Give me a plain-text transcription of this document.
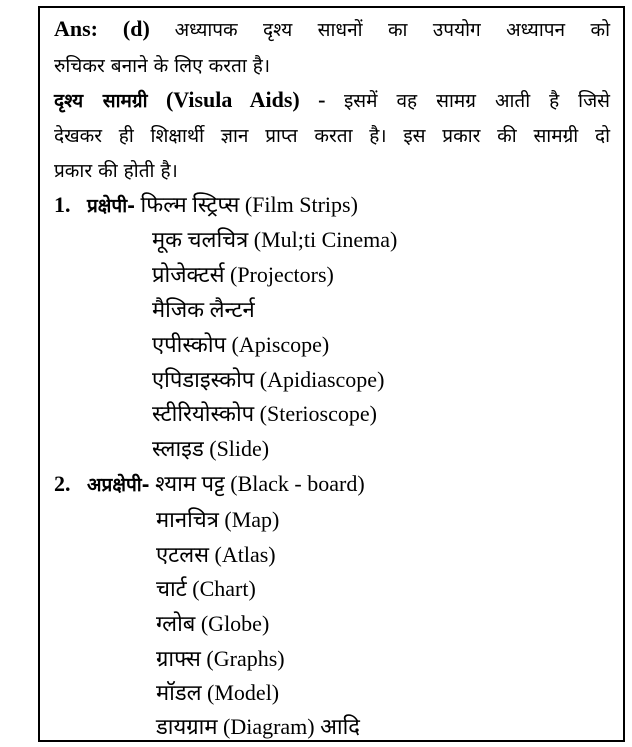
Ans: (d) अध्यापक दृश्य साधनों का उपयोग अध्यापन को
रुचिकर बनाने के लिए करता है।
दृश्य सामग्री (Visula Aids) - इसमें वह सामग्र आती है जिसे
देखकर ही शिक्षार्थी ज्ञान प्राप्त करता है। इस प्रकार की सामग्री दो
प्रकार की होती है।
1. प्रक्षेपी- फिल्म स्ट्रिप्स (Film Strips)
मूक चलचित्र (Mul;ti Cinema)
प्रोजेक्टर्स (Projectors)
मैजिक लैन्टर्न
एपीस्कोप (Apiscope)
एपिडाइस्कोप (Apidiascope)
स्टीरियोस्कोप (Sterioscope)
स्लाइड (Slide)
2. अप्रक्षेपी- श्याम पट्ट (Black - board)
मानचित्र (Map)
एटलस (Atlas)
चार्ट (Chart)
ग्लोब (Globe)
ग्राफ्स (Graphs)
मॉडल (Model)
डायग्राम (Diagram) आदि
